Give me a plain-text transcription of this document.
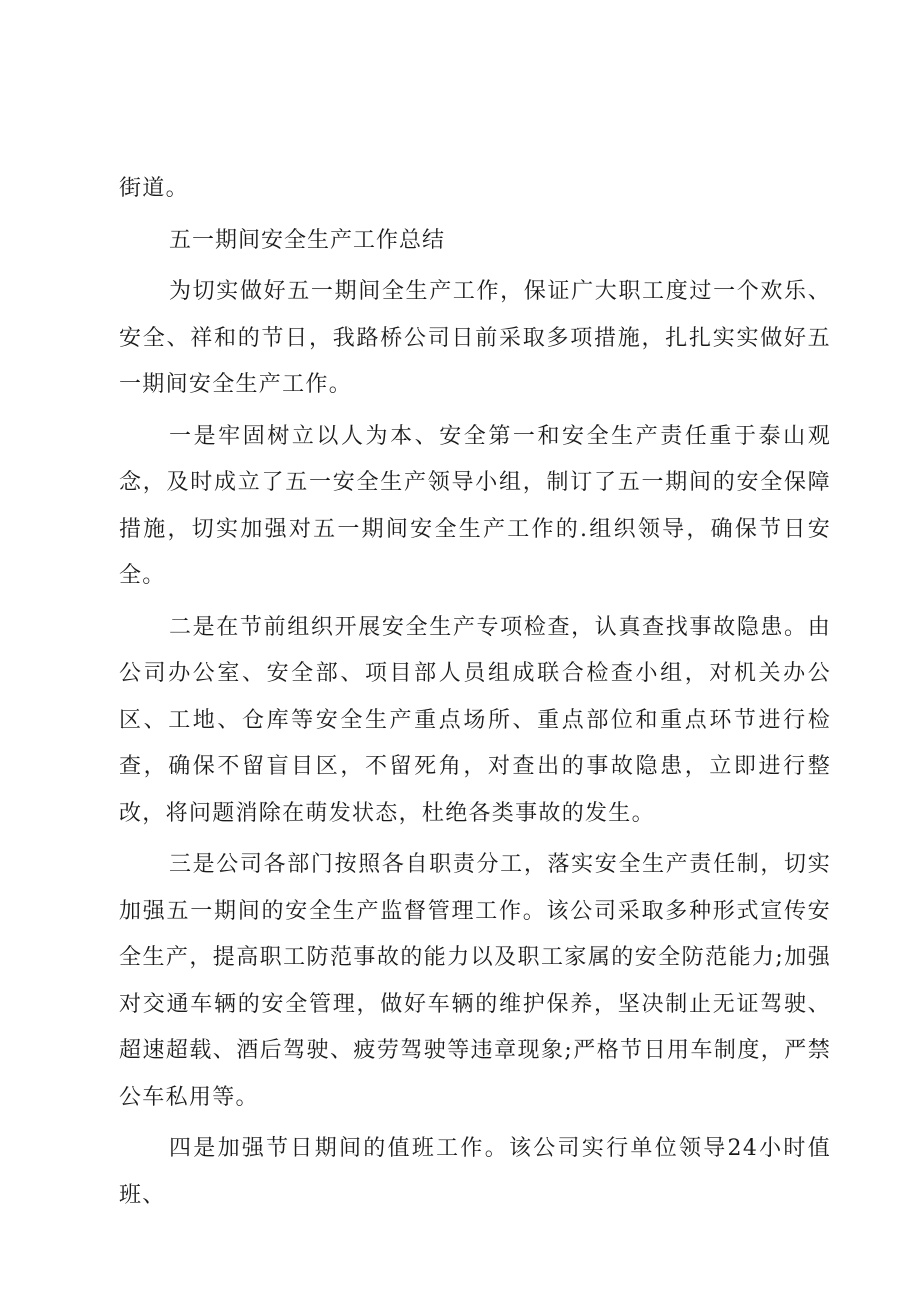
街道。

五一期间安全生产工作总结

为切实做好五一期间全生产工作，保证广大职工度过一个欢乐、安全、祥和的节日，我路桥公司日前采取多项措施，扎扎实实做好五一期间安全生产工作。

一是牢固树立以人为本、安全第一和安全生产责任重于泰山观念，及时成立了五一安全生产领导小组，制订了五一期间的安全保障措施，切实加强对五一期间安全生产工作的.组织领导，确保节日安全。

二是在节前组织开展安全生产专项检查，认真查找事故隐患。由公司办公室、安全部、项目部人员组成联合检查小组，对机关办公区、工地、仓库等安全生产重点场所、重点部位和重点环节进行检查，确保不留盲目区，不留死角，对查出的事故隐患，立即进行整改，将问题消除在萌发状态，杜绝各类事故的发生。

三是公司各部门按照各自职责分工，落实安全生产责任制，切实加强五一期间的安全生产监督管理工作。该公司采取多种形式宣传安全生产，提高职工防范事故的能力以及职工家属的安全防范能力;加强对交通车辆的安全管理，做好车辆的维护保养，坚决制止无证驾驶、超速超载、酒后驾驶、疲劳驾驶等违章现象;严格节日用车制度，严禁公车私用等。

四是加强节日期间的值班工作。该公司实行单位领导24小时值班、
